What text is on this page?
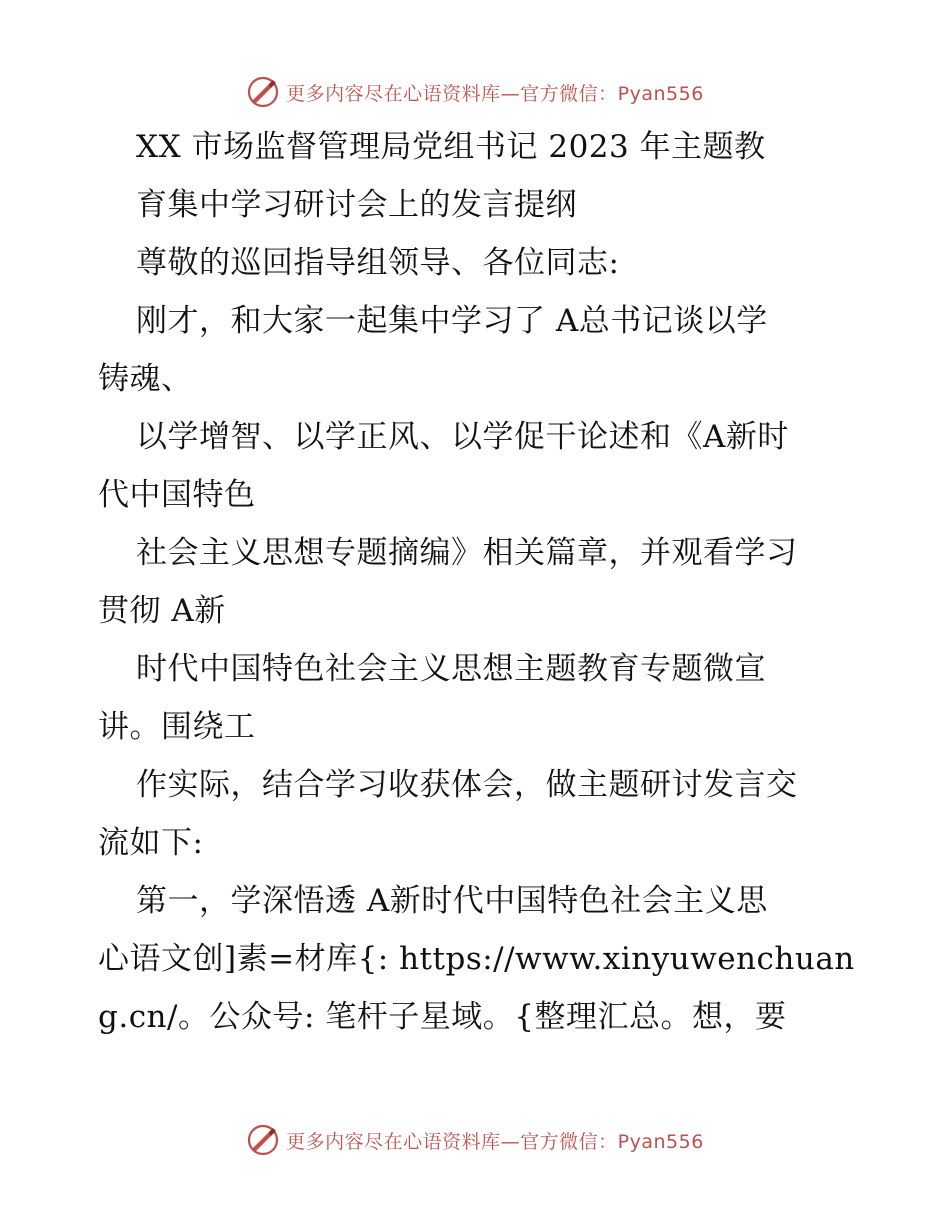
更多内容尽在心语资料库—官方微信：Pyan556
XX 市场监督管理局党组书记 2023 年主题教
育集中学习研讨会上的发言提纲
尊敬的巡回指导组领导、各位同志:
刚才，和大家一起集中学习了 A总书记谈以学
铸魂、
以学增智、以学正风、以学促干论述和《A新时
代中国特色
社会主义思想专题摘编》相关篇章，并观看学习
贯彻 A新
时代中国特色社会主义思想主题教育专题微宣
讲。围绕工
作实际，结合学习收获体会，做主题研讨发言交
流如下:
第一，学深悟透 A新时代中国特色社会主义思
心语文创]素=材库{: https://www.xinyuwenchuan
g.cn/。公众号: 笔杆子星域。{整理汇总。想，要
更多内容尽在心语资料库—官方微信：Pyan556
